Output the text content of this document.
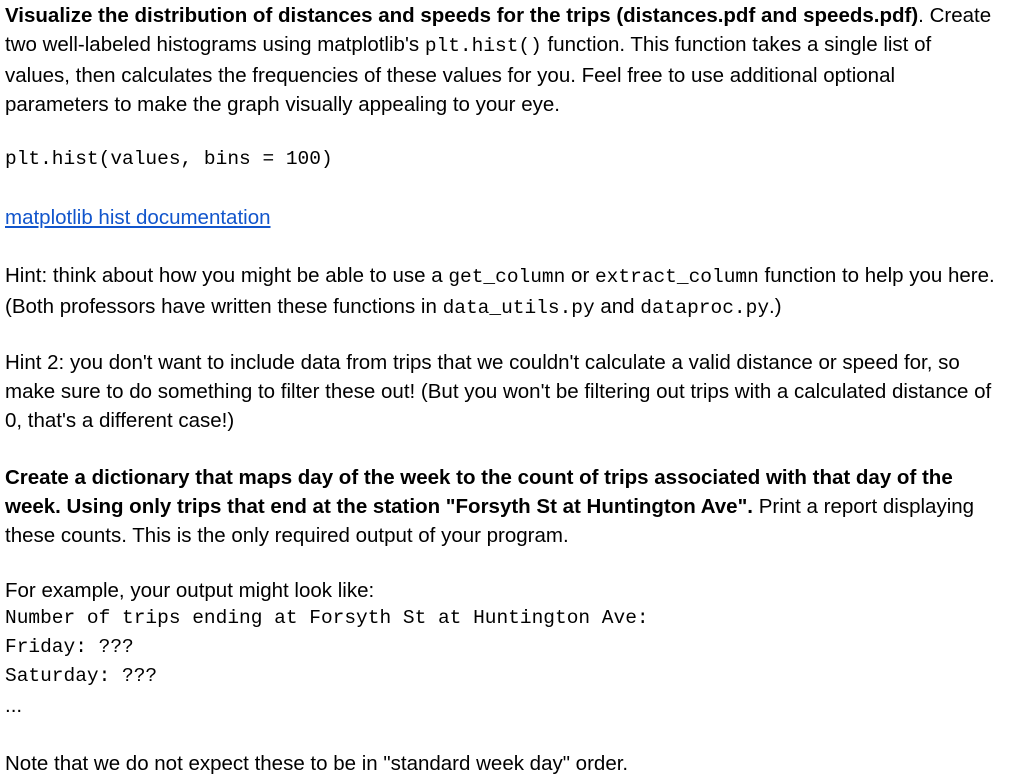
Visualize the distribution of distances and speeds for the trips (distances.pdf and speeds.pdf). Create two well-labeled histograms using matplotlib's plt.hist() function. This function takes a single list of values, then calculates the frequencies of these values for you. Feel free to use additional optional parameters to make the graph visually appealing to your eye.

plt.hist(values, bins = 100)

matplotlib hist documentation

Hint: think about how you might be able to use a get_column or extract_column function to help you here. (Both professors have written these functions in data_utils.py and dataproc.py.)

Hint 2: you don't want to include data from trips that we couldn't calculate a valid distance or speed for, so make sure to do something to filter these out! (But you won't be filtering out trips with a calculated distance of 0, that's a different case!)

Create a dictionary that maps day of the week to the count of trips associated with that day of the week. Using only trips that end at the station "Forsyth St at Huntington Ave". Print a report displaying these counts. This is the only required output of your program.

For example, your output might look like:

Number of trips ending at Forsyth St at Huntington Ave:

Friday: ???

Saturday: ???

...

Note that we do not expect these to be in "standard week day" order.
